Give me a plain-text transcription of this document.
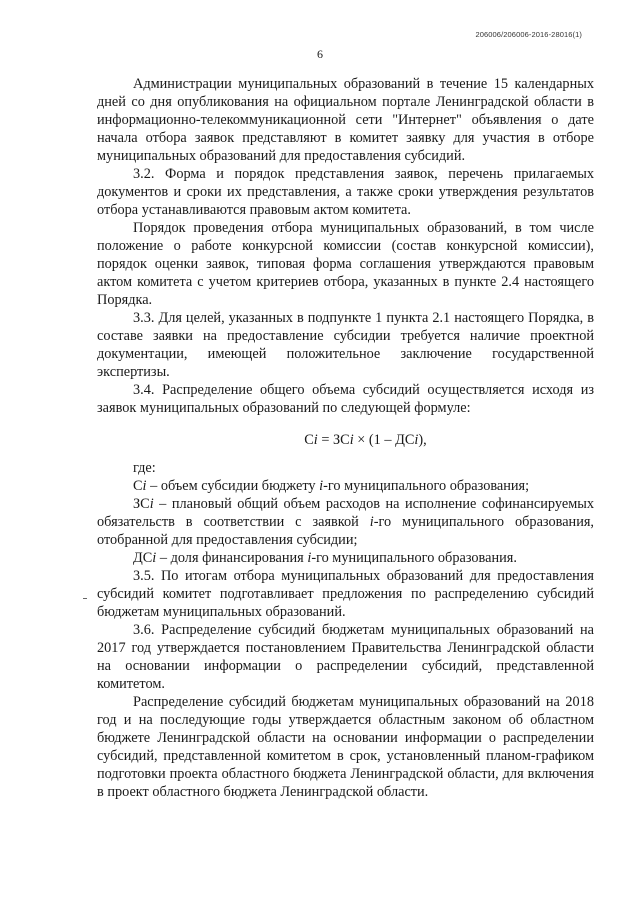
206006/206006-2016-28016(1)
6

Администрации муниципальных образований в течение 15 календарных дней со дня опубликования на официальном портале Ленинградской области в информационно-телекоммуникационной сети "Интернет" объявления о дате начала отбора заявок представляют в комитет заявку для участия в отборе муниципальных образований для предоставления субсидий.

3.2. Форма и порядок представления заявок, перечень прилагаемых документов и сроки их представления, а также сроки утверждения результатов отбора устанавливаются правовым актом комитета.

Порядок проведения отбора муниципальных образований, в том числе положение о работе конкурсной комиссии (состав конкурсной комиссии), порядок оценки заявок, типовая форма соглашения утверждаются правовым актом комитета с учетом критериев отбора, указанных в пункте 2.4 настоящего Порядка.

3.3. Для целей, указанных в подпункте 1 пункта 2.1 настоящего Порядка, в составе заявки на предоставление субсидии требуется наличие проектной документации, имеющей положительное заключение государственной экспертизы.

3.4. Распределение общего объема субсидий осуществляется исходя из заявок муниципальных образований по следующей формуле:

Сi = ЗСi × (1 – ДСi),

где:

Сi – объем субсидии бюджету i-го муниципального образования;

ЗСi – плановый общий объем расходов на исполнение софинансируемых обязательств в соответствии с заявкой i-го муниципального образования, отобранной для предоставления субсидии;

ДСi – доля финансирования i-го муниципального образования.

3.5. По итогам отбора муниципальных образований для предоставления субсидий комитет подготавливает предложения по распределению субсидий бюджетам муниципальных образований.

3.6. Распределение субсидий бюджетам муниципальных образований на 2017 год утверждается постановлением Правительства Ленинградской области на основании информации о распределении субсидий, представленной комитетом.

Распределение субсидий бюджетам муниципальных образований на 2018 год и на последующие годы утверждается областным законом об областном бюджете Ленинградской области на основании информации о распределении субсидий, представленной комитетом в срок, установленный планом-графиком подготовки проекта областного бюджета Ленинградской области, для включения в проект областного бюджета Ленинградской области.
